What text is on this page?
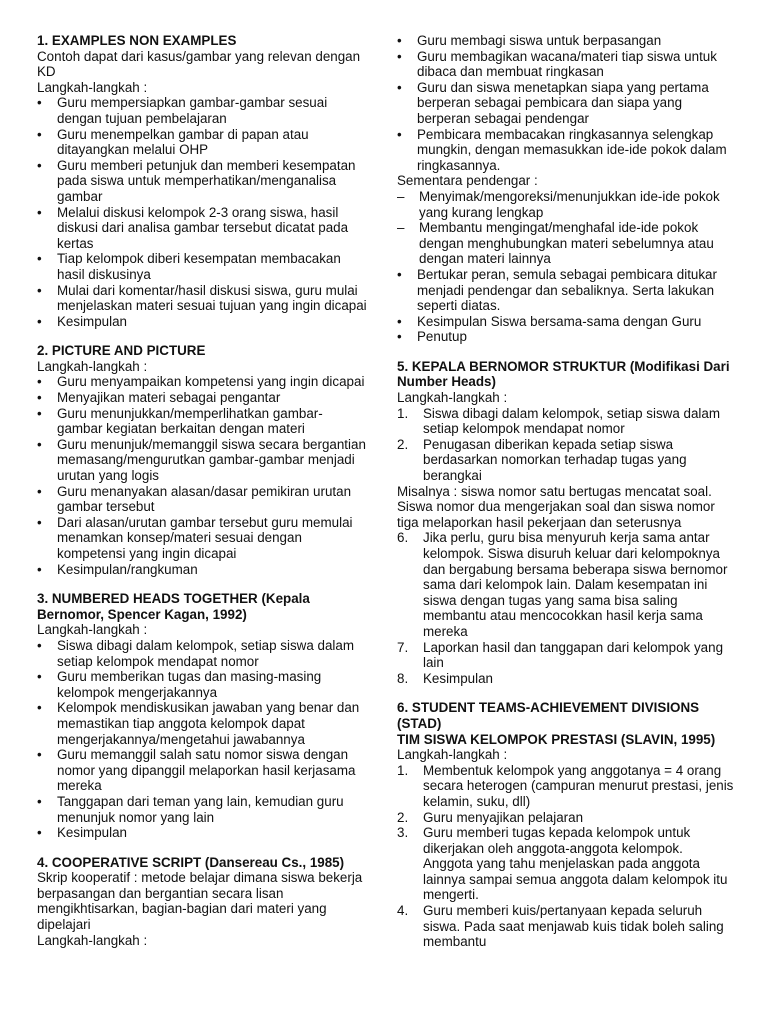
1. EXAMPLES NON EXAMPLES
Contoh dapat dari kasus/gambar yang relevan dengan KD
Langkah-langkah :
•	Guru mempersiapkan gambar-gambar sesuai dengan tujuan pembelajaran
•	Guru menempelkan gambar di papan atau ditayangkan melalui OHP
•	Guru memberi petunjuk dan memberi kesempatan pada siswa untuk memperhatikan/menganalisa gambar
•	Melalui diskusi kelompok 2-3 orang siswa, hasil diskusi dari analisa gambar tersebut dicatat pada kertas
•	Tiap kelompok diberi kesempatan membacakan hasil diskusinya
•	Mulai dari komentar/hasil diskusi siswa, guru mulai menjelaskan materi sesuai tujuan yang ingin dicapai
•	Kesimpulan
2. PICTURE AND PICTURE
Langkah-langkah :
•	Guru menyampaikan kompetensi yang ingin dicapai
•	Menyajikan materi sebagai pengantar
•	Guru menunjukkan/memperlihatkan gambar-gambar kegiatan berkaitan dengan materi
•	Guru menunjuk/memanggil siswa secara bergantian memasang/mengurutkan gambar-gambar menjadi urutan yang logis
•	Guru menanyakan alasan/dasar pemikiran urutan gambar tersebut
•	Dari alasan/urutan gambar tersebut guru memulai menamkan konsep/materi sesuai dengan kompetensi yang ingin dicapai
•	Kesimpulan/rangkuman
3. NUMBERED HEADS TOGETHER (Kepala Bernomor, Spencer Kagan, 1992)
Langkah-langkah :
•	Siswa dibagi dalam kelompok, setiap siswa dalam setiap kelompok mendapat nomor
•	Guru memberikan tugas dan masing-masing kelompok mengerjakannya
•	Kelompok mendiskusikan jawaban yang benar dan memastikan tiap anggota kelompok dapat mengerjakannya/mengetahui jawabannya
•	Guru memanggil salah satu nomor siswa dengan nomor yang dipanggil melaporkan hasil kerjasama mereka
•	Tanggapan dari teman yang lain, kemudian guru menunjuk nomor yang lain
•	Kesimpulan
4. COOPERATIVE SCRIPT (Dansereau Cs., 1985)
Skrip kooperatif : metode belajar dimana siswa bekerja berpasangan dan bergantian secara lisan mengikhtisarkan, bagian-bagian dari materi yang dipelajari
Langkah-langkah :
•	Guru membagi siswa untuk berpasangan
•	Guru membagikan wacana/materi tiap siswa untuk dibaca dan membuat ringkasan
•	Guru dan siswa menetapkan siapa yang pertama berperan sebagai pembicara dan siapa yang berperan sebagai pendengar
•	Pembicara membacakan ringkasannya selengkap mungkin, dengan memasukkan ide-ide pokok dalam ringkasannya.
Sementara pendengar :
–	Menyimak/mengoreksi/menunjukkan ide-ide pokok yang kurang lengkap
–	Membantu mengingat/menghafal ide-ide pokok dengan menghubungkan materi sebelumnya atau dengan materi lainnya
•	Bertukar peran, semula sebagai pembicara ditukar menjadi pendengar dan sebaliknya. Serta lakukan seperti diatas.
•	Kesimpulan Siswa bersama-sama dengan Guru
•	Penutup
5. KEPALA BERNOMOR STRUKTUR (Modifikasi Dari Number Heads)
Langkah-langkah :
1.	Siswa dibagi dalam kelompok, setiap siswa dalam setiap kelompok mendapat nomor
2.	Penugasan diberikan kepada setiap siswa berdasarkan nomorkan terhadap tugas yang berangkai
Misalnya : siswa nomor satu bertugas mencatat soal. Siswa nomor dua mengerjakan soal dan siswa nomor tiga melaporkan hasil pekerjaan dan seterusnya
6.	Jika perlu, guru bisa menyuruh kerja sama antar kelompok. Siswa disuruh keluar dari kelompoknya dan bergabung bersama beberapa siswa bernomor sama dari kelompok lain. Dalam kesempatan ini siswa dengan tugas yang sama bisa saling membantu atau mencocokkan hasil kerja sama mereka
7.	Laporkan hasil dan tanggapan dari kelompok yang lain
8.	Kesimpulan
6. STUDENT TEAMS-ACHIEVEMENT DIVISIONS (STAD)
TIM SISWA KELOMPOK PRESTASI (SLAVIN, 1995)
Langkah-langkah :
1.	Membentuk kelompok yang anggotanya = 4 orang secara heterogen (campuran menurut prestasi, jenis kelamin, suku, dll)
2.	Guru menyajikan pelajaran
3.	Guru memberi tugas kepada kelompok untuk dikerjakan oleh anggota-anggota kelompok. Anggota yang tahu menjelaskan pada anggota lainnya sampai semua anggota dalam kelompok itu mengerti.
4.	Guru memberi kuis/pertanyaan kepada seluruh siswa. Pada saat menjawab kuis tidak boleh saling membantu
